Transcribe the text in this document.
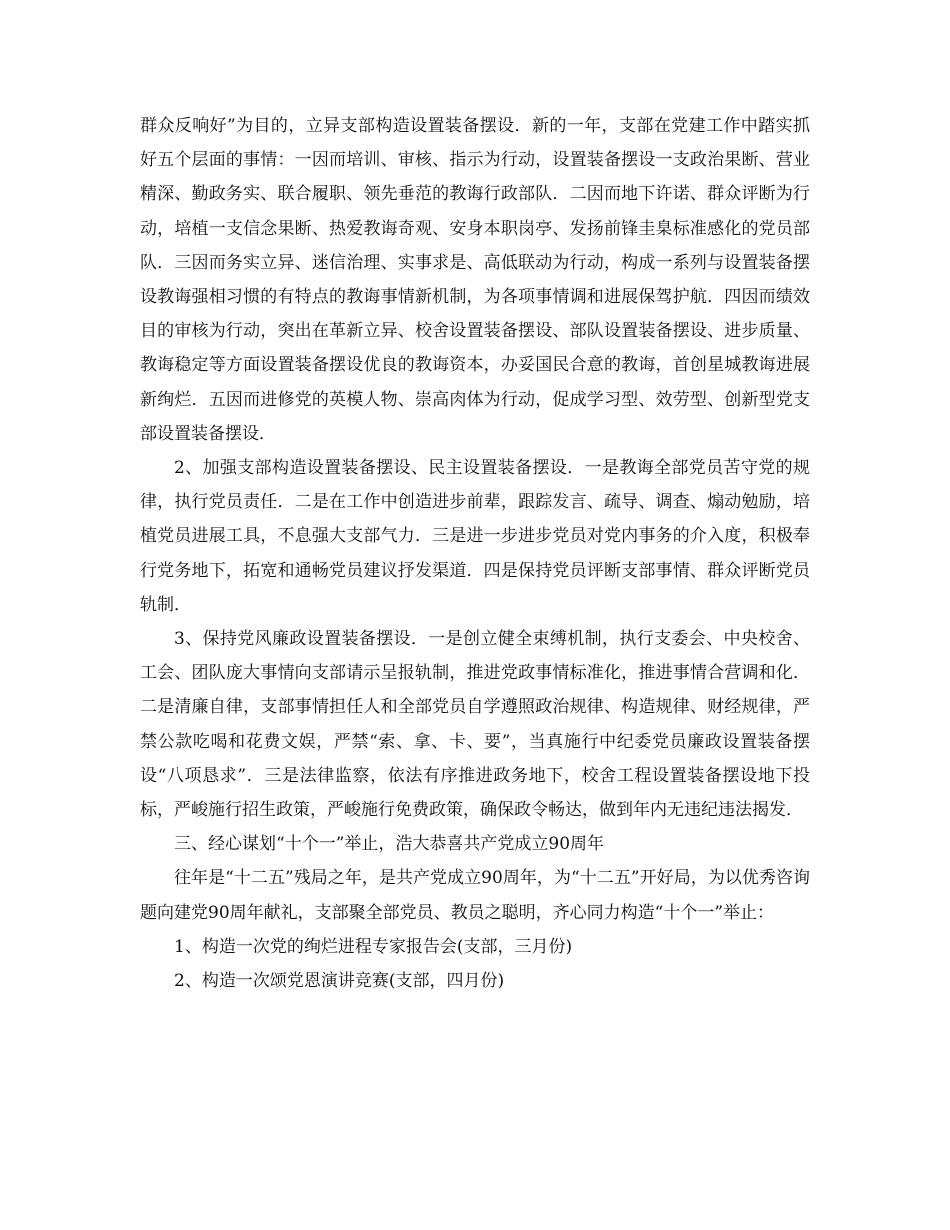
群众反响好”为目的，立异支部构造设置装备摆设．新的一年，支部在党建工作中踏实抓好五个层面的事情：一因而培训、审核、指示为行动，设置装备摆设一支政治果断、营业精深、勤政务实、联合履职、领先垂范的教诲行政部队．二因而地下许诺、群众评断为行动，培植一支信念果断、热爱教诲奇观、安身本职岗亭、发扬前锋圭臬标准感化的党员部队．三因而务实立异、迷信治理、实事求是、高低联动为行动，构成一系列与设置装备摆设教诲强相习惯的有特点的教诲事情新机制，为各项事情调和进展保驾护航．四因而绩效目的审核为行动，突出在革新立异、校舍设置装备摆设、部队设置装备摆设、进步质量、教诲稳定等方面设置装备摆设优良的教诲资本，办妥国民合意的教诲，首创星城教诲进展新绚烂．五因而进修党的英模人物、崇高肉体为行动，促成学习型、效劳型、创新型党支部设置装备摆设．

2、加强支部构造设置装备摆设、民主设置装备摆设．一是教诲全部党员苦守党的规律，执行党员责任．二是在工作中创造进步前辈，跟踪发言、疏导、调查、煽动勉励，培植党员进展工具，不息强大支部气力．三是进一步进步党员对党内事务的介入度，积极奉行党务地下，拓宽和通畅党员建议抒发渠道．四是保持党员评断支部事情、群众评断党员轨制．

3、保持党风廉政设置装备摆设．一是创立健全束缚机制，执行支委会、中央校舍、工会、团队庞大事情向支部请示呈报轨制，推进党政事情标准化，推进事情合营调和化．二是清廉自律，支部事情担任人和全部党员自学遵照政治规律、构造规律、财经规律，严禁公款吃喝和花费文娱，严禁“索、拿、卡、要”，当真施行中纪委党员廉政设置装备摆设“八项恳求”．三是法律监察，依法有序推进政务地下，校舍工程设置装备摆设地下投标，严峻施行招生政策，严峻施行免费政策，确保政令畅达，做到年内无违纪违法揭发．

三、经心谋划“十个一”举止，浩大恭喜共产党成立90周年

往年是“十二五”残局之年，是共产党成立90周年，为“十二五”开好局，为以优秀咨询题向建党90周年献礼，支部聚全部党员、教员之聪明，齐心同力构造“十个一”举止：

1、构造一次党的绚烂进程专家报告会(支部，三月份)

2、构造一次颂党恩演讲竞赛(支部，四月份)
